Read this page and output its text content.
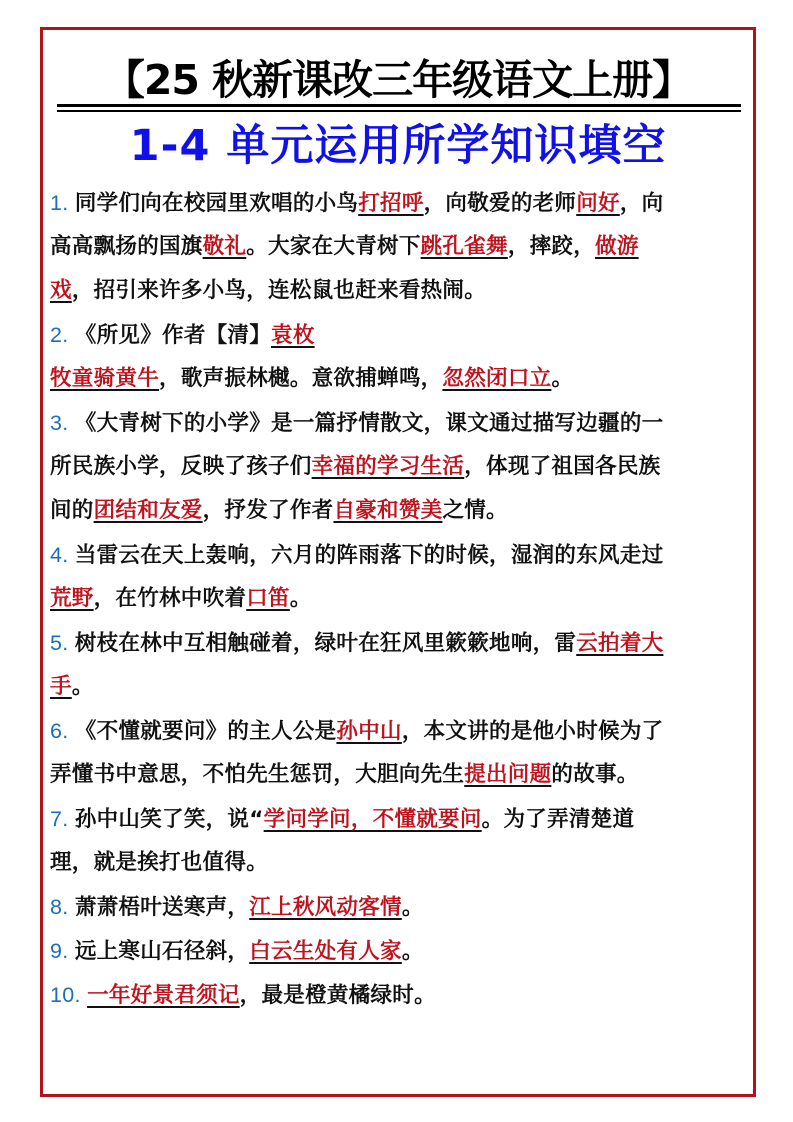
【25 秋新课改三年级语文上册】
1-4 单元运用所学知识填空
1. 同学们向在校园里欢唱的小鸟打招呼，向敬爱的老师问好，向
高高飘扬的国旗敬礼。大家在大青树下跳孔雀舞，摔跤，做游
戏，招引来许多小鸟，连松鼠也赶来看热闹。
2. 《所见》作者【清】袁枚
牧童骑黄牛，歌声振林樾。意欲捕蝉鸣，忽然闭口立。
3. 《大青树下的小学》是一篇抒情散文，课文通过描写边疆的一
所民族小学，反映了孩子们幸福的学习生活，体现了祖国各民族
间的团结和友爱，抒发了作者自豪和赞美之情。
4. 当雷云在天上轰响，六月的阵雨落下的时候，湿润的东风走过
荒野，在竹林中吹着口笛。
5. 树枝在林中互相触碰着，绿叶在狂风里簌簌地响，雷云拍着大
手。
6. 《不懂就要问》的主人公是孙中山，本文讲的是他小时候为了
弄懂书中意思，不怕先生惩罚，大胆向先生提出问题的故事。
7. 孙中山笑了笑，说“学问学问，不懂就要问。为了弄清楚道
理，就是挨打也值得。
8. 萧萧梧叶送寒声，江上秋风动客情。
9. 远上寒山石径斜，白云生处有人家。
10. 一年好景君须记，最是橙黄橘绿时。
